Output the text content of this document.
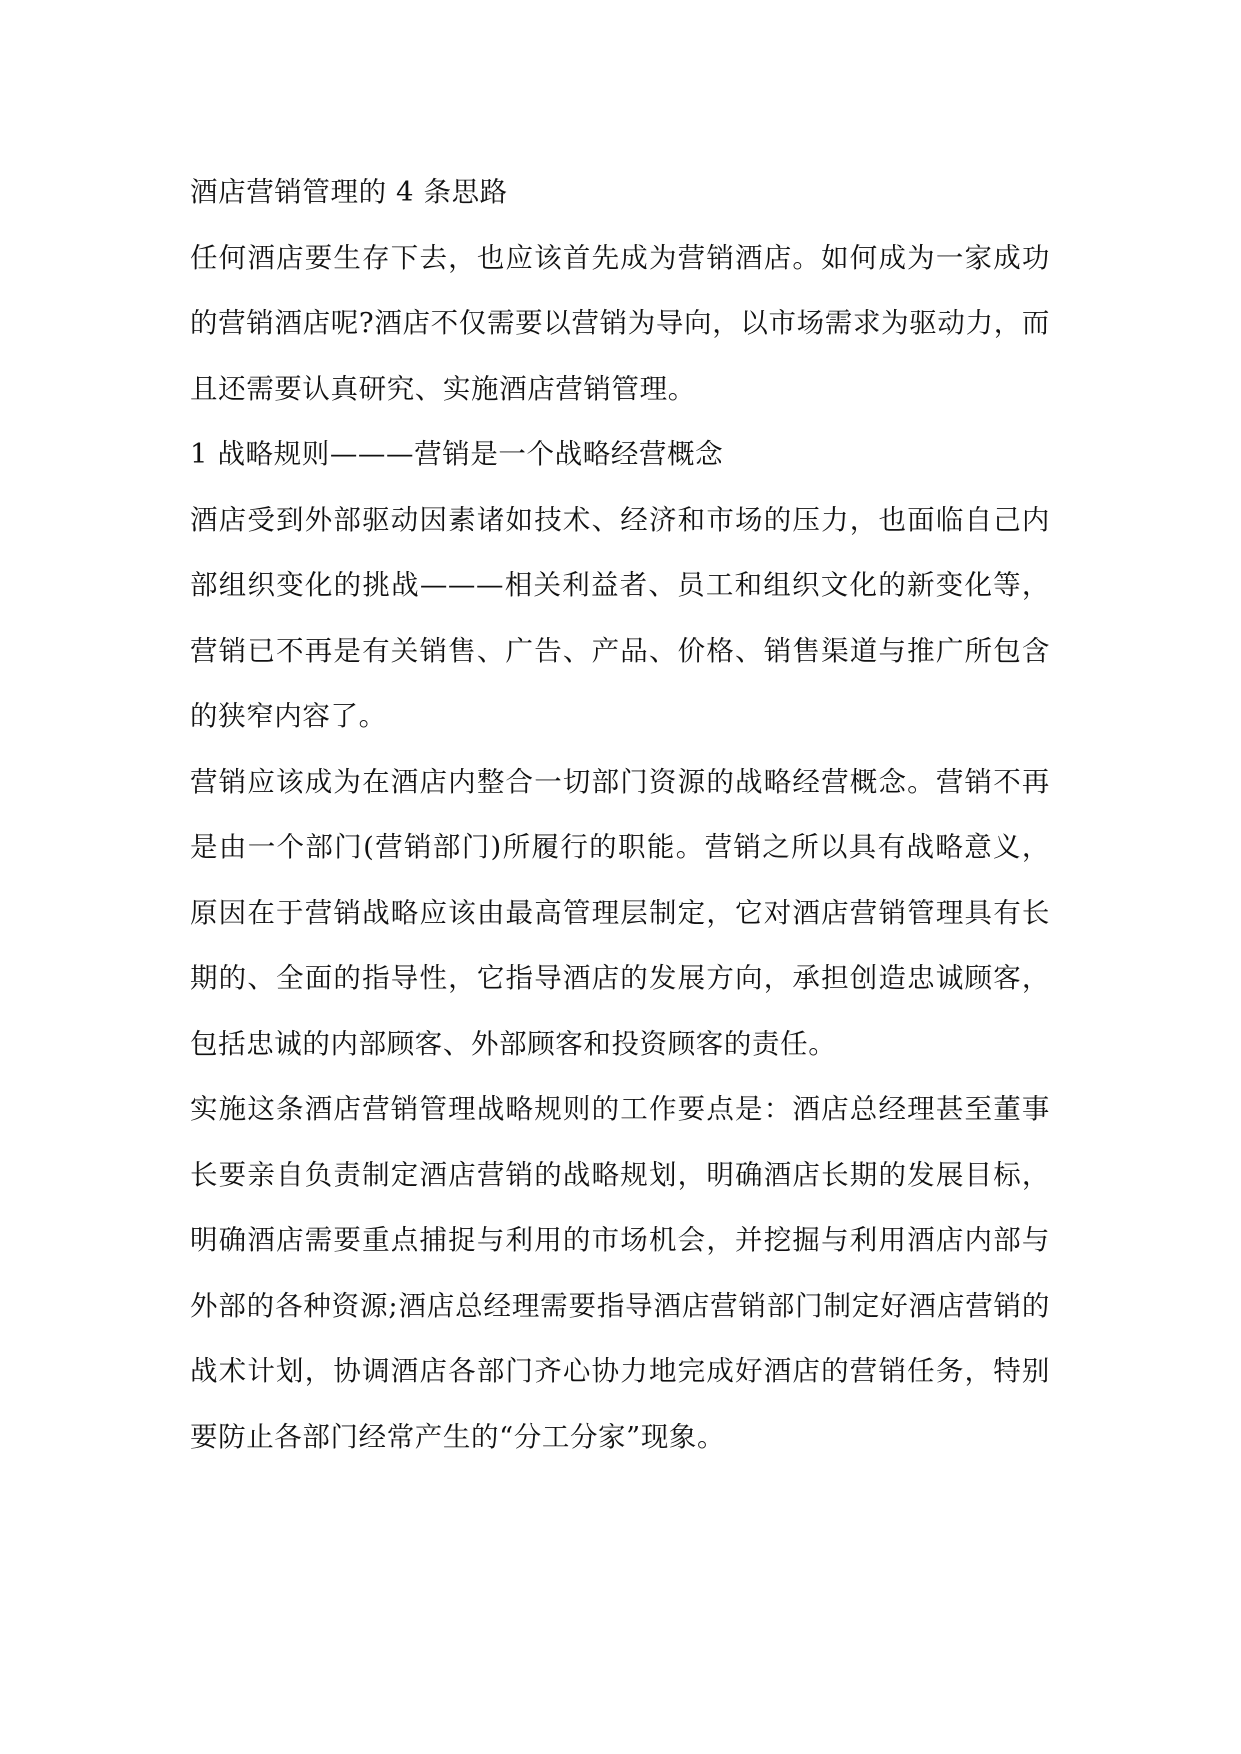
酒店营销管理的 4 条思路

任何酒店要生存下去，也应该首先成为营销酒店。如何成为一家成功的营销酒店呢?酒店不仅需要以营销为导向，以市场需求为驱动力，而且还需要认真研究、实施酒店营销管理。

1 战略规则———营销是一个战略经营概念

酒店受到外部驱动因素诸如技术、经济和市场的压力，也面临自己内部组织变化的挑战———相关利益者、员工和组织文化的新变化等，营销已不再是有关销售、广告、产品、价格、销售渠道与推广所包含的狭窄内容了。

营销应该成为在酒店内整合一切部门资源的战略经营概念。营销不再是由一个部门(营销部门)所履行的职能。营销之所以具有战略意义，原因在于营销战略应该由最高管理层制定，它对酒店营销管理具有长期的、全面的指导性，它指导酒店的发展方向，承担创造忠诚顾客，包括忠诚的内部顾客、外部顾客和投资顾客的责任。

实施这条酒店营销管理战略规则的工作要点是：酒店总经理甚至董事长要亲自负责制定酒店营销的战略规划，明确酒店长期的发展目标，明确酒店需要重点捕捉与利用的市场机会，并挖掘与利用酒店内部与外部的各种资源;酒店总经理需要指导酒店营销部门制定好酒店营销的战术计划，协调酒店各部门齐心协力地完成好酒店的营销任务，特别要防止各部门经常产生的“分工分家”现象。
